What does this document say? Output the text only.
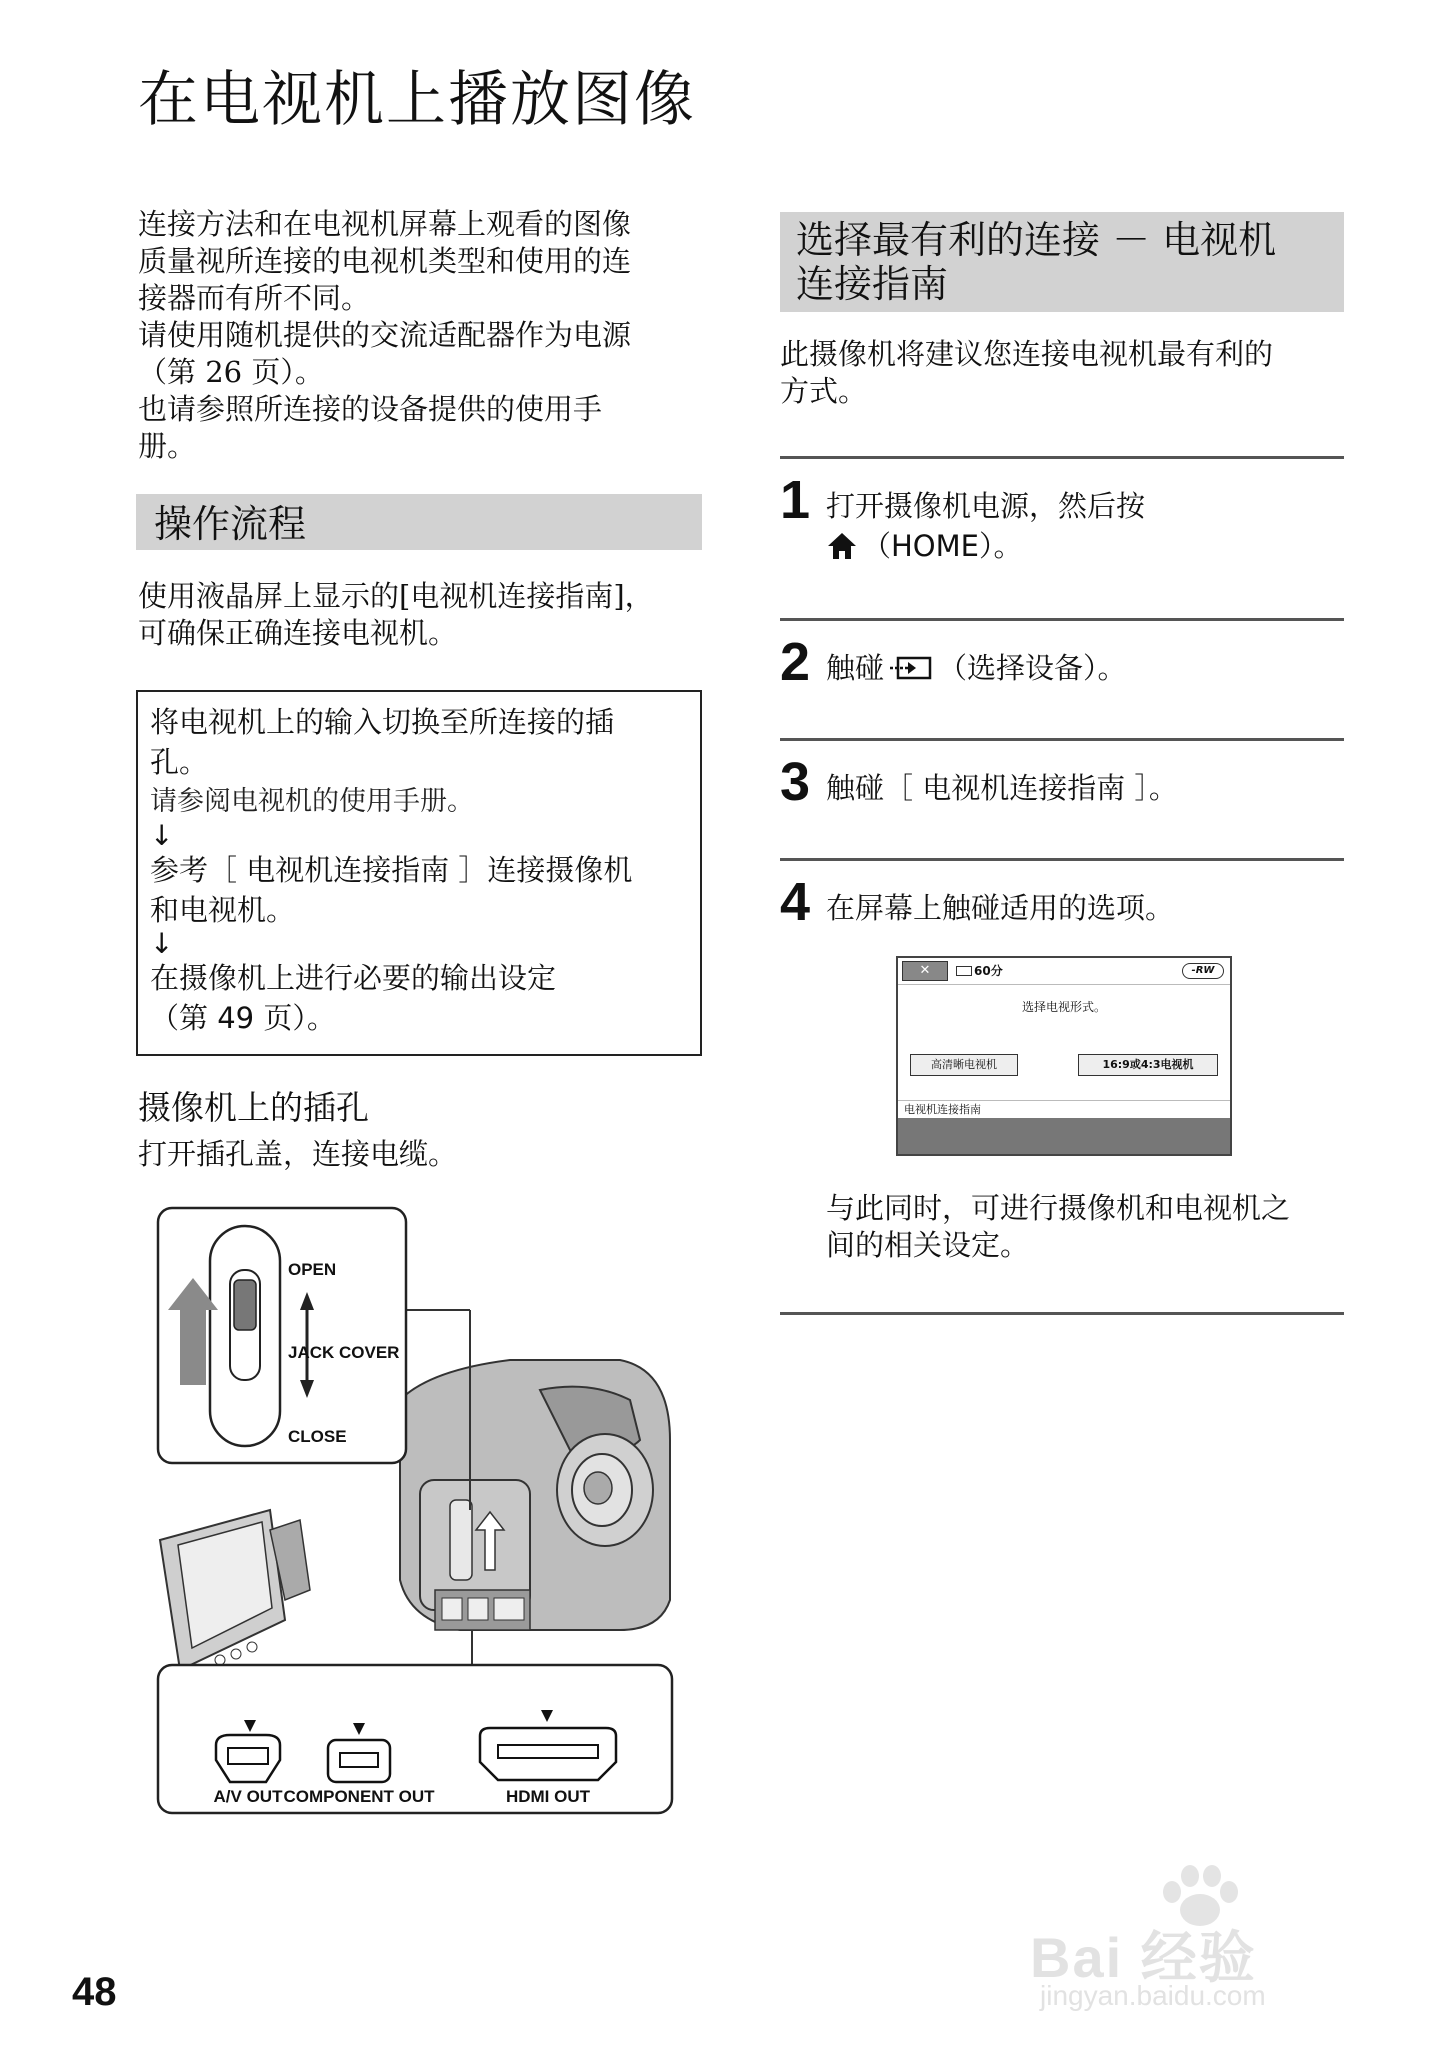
在电视机上播放图像
连接方法和在电视机屏幕上观看的图像
质量视所连接的电视机类型和使用的连
接器而有所不同。
请使用随机提供的交流适配器作为电源
（第 26 页）。
也请参照所连接的设备提供的使用手
册。
操作流程
使用液晶屏上显示的[电视机连接指南]，
可确保正确连接电视机。
将电视机上的输入切换至所连接的插
孔。
请参阅电视机的使用手册。
↓
参考［ 电视机连接指南 ］连接摄像机
和电视机。
↓
在摄像机上进行必要的输出设定
（第 49 页）。
摄像机上的插孔
打开插孔盖，连接电缆。
OPEN
JACK COVER
CLOSE
A/V OUT COMPONENT OUT	HDMI OUT
选择最有利的连接 － 电视机
连接指南
此摄像机将建议您连接电视机最有利的
方式。
1 打开摄像机电源，然后按
（HOME）。
2 触碰 （选择设备）。
3 触碰［ 电视机连接指南 ］。
4 在屏幕上触碰适用的选项。
✕	60分	-RW
选择电视形式。
高清晰电视机	16:9或4:3电视机
电视机连接指南
与此同时，可进行摄像机和电视机之
间的相关设定。
Bai 经验
jingyan.baidu.com
48
